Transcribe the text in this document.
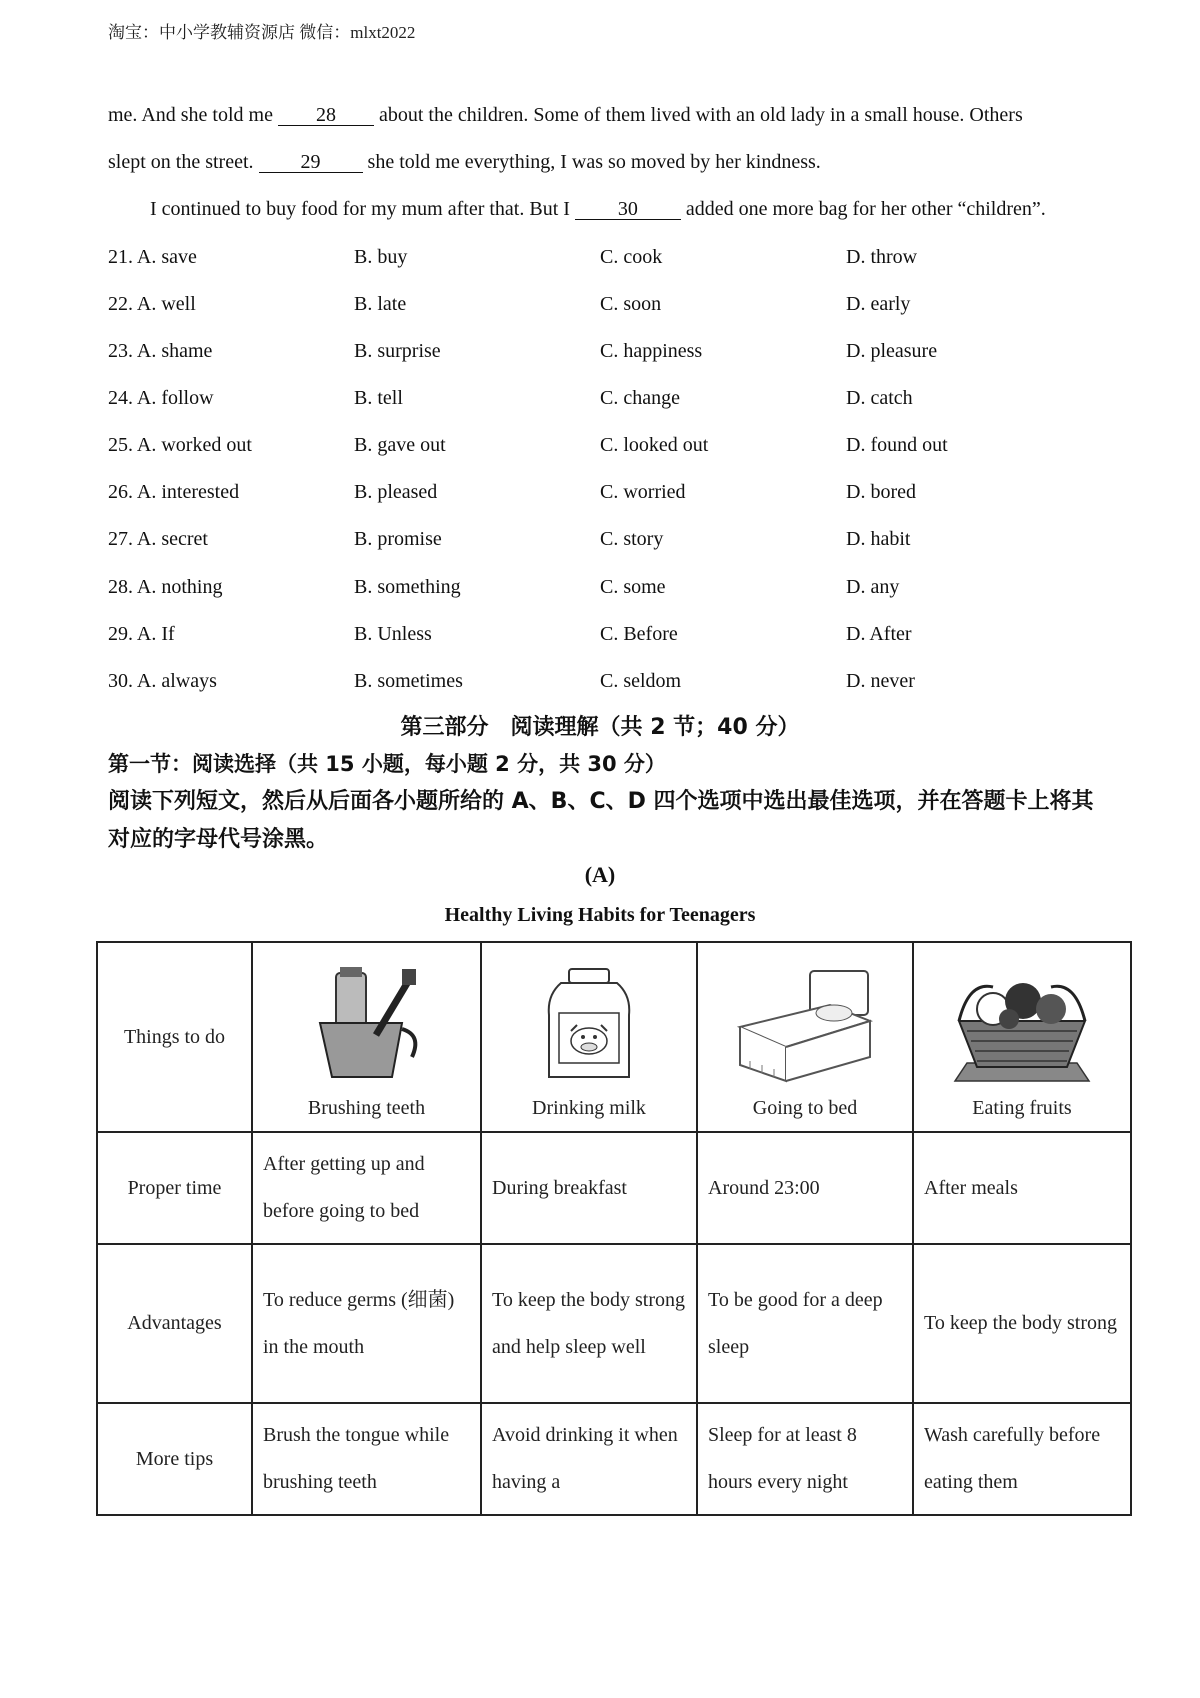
淘宝：中小学教辅资源店 微信：mlxt2022
me. And she told me 28 about the children. Some of them lived with an old lady in a small house. Others
slept on the street. 29 she told me everything, I was so moved by her kindness.
I continued to buy food for my mum after that. But I 30 added one more bag for her other “children”.
21. A. save	B. buy	C. cook	D. throw
22. A. well	B. late	C. soon	D. early
23. A. shame	B. surprise	C. happiness	D. pleasure
24. A. follow	B. tell	C. change	D. catch
25. A. worked out	B. gave out	C. looked out	D. found out
26. A. interested	B. pleased	C. worried	D. bored
27. A. secret	B. promise	C. story	D. habit
28. A. nothing	B. something	C. some	D. any
29. A. If	B. Unless	C. Before	D. After
30. A. always	B. sometimes	C. seldom	D. never
第三部分　阅读理解（共 2 节；40 分）
第一节：阅读选择（共 15 小题，每小题 2 分，共 30 分）
阅读下列短文，然后从后面各小题所给的 A、B、C、D 四个选项中选出最佳选项，并在答题卡上将其对应的字母代号涂黑。
(A)
Healthy Living Habits for Teenagers
Things to do	Brushing teeth	Drinking milk	Going to bed	Eating fruits
Proper time	After getting up and before going to bed	During breakfast	Around 23:00	After meals
Advantages	To reduce germs (细菌) in the mouth	To keep the body strong and help sleep well	To be good for a deep sleep	To keep the body strong
More tips	Brush the tongue while brushing teeth	Avoid drinking it when having a	Sleep for at least 8 hours every night	Wash carefully before eating them
